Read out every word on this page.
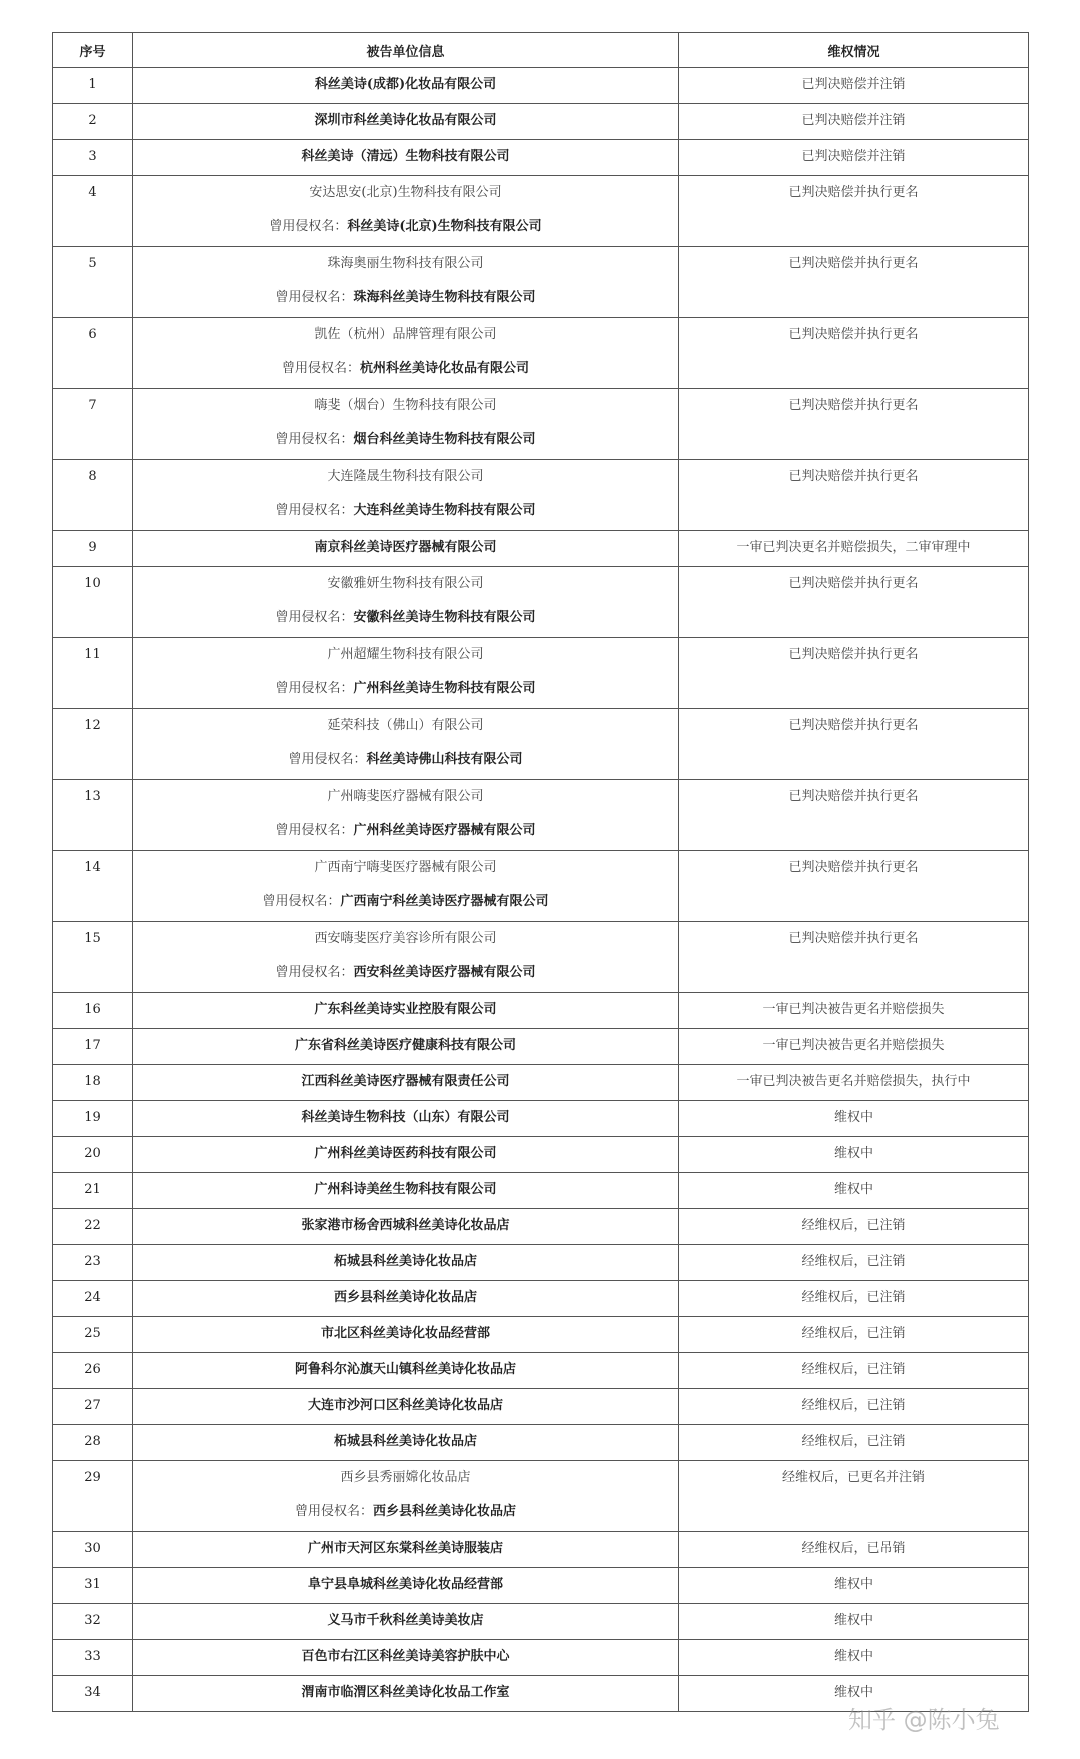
序号	被告单位信息	维权情况

1	科丝美诗(成都)化妆品有限公司	已判决赔偿并注销

2	深圳市科丝美诗化妆品有限公司	已判决赔偿并注销

3	科丝美诗（清远）生物科技有限公司	已判决赔偿并注销

4	安达思安(北京)生物科技有限公司
曾用侵权名：科丝美诗(北京)生物科技有限公司	已判决赔偿并执行更名

5	珠海奥丽生物科技有限公司
曾用侵权名：珠海科丝美诗生物科技有限公司	已判决赔偿并执行更名

6	凯佐（杭州）品牌管理有限公司
曾用侵权名：杭州科丝美诗化妆品有限公司	已判决赔偿并执行更名

7	嗨斐（烟台）生物科技有限公司
曾用侵权名：烟台科丝美诗生物科技有限公司	已判决赔偿并执行更名

8	大连隆晟生物科技有限公司
曾用侵权名：大连科丝美诗生物科技有限公司	已判决赔偿并执行更名

9	南京科丝美诗医疗器械有限公司	一审已判决更名并赔偿损失，二审审理中

10	安徽雅妍生物科技有限公司
曾用侵权名：安徽科丝美诗生物科技有限公司	已判决赔偿并执行更名

11	广州超耀生物科技有限公司
曾用侵权名：广州科丝美诗生物科技有限公司	已判决赔偿并执行更名

12	延荣科技（佛山）有限公司
曾用侵权名：科丝美诗佛山科技有限公司	已判决赔偿并执行更名

13	广州嗨斐医疗器械有限公司
曾用侵权名：广州科丝美诗医疗器械有限公司	已判决赔偿并执行更名

14	广西南宁嗨斐医疗器械有限公司
曾用侵权名：广西南宁科丝美诗医疗器械有限公司	已判决赔偿并执行更名

15	西安嗨斐医疗美容诊所有限公司
曾用侵权名：西安科丝美诗医疗器械有限公司	已判决赔偿并执行更名

16	广东科丝美诗实业控股有限公司	一审已判决被告更名并赔偿损失

17	广东省科丝美诗医疗健康科技有限公司	一审已判决被告更名并赔偿损失

18	江西科丝美诗医疗器械有限责任公司	一审已判决被告更名并赔偿损失，执行中

19	科丝美诗生物科技（山东）有限公司	维权中

20	广州科丝美诗医药科技有限公司	维权中

21	广州科诗美丝生物科技有限公司	维权中

22	张家港市杨舍西城科丝美诗化妆品店	经维权后，已注销

23	柘城县科丝美诗化妆品店	经维权后，已注销

24	西乡县科丝美诗化妆品店	经维权后，已注销

25	市北区科丝美诗化妆品经营部	经维权后，已注销

26	阿鲁科尔沁旗天山镇科丝美诗化妆品店	经维权后，已注销

27	大连市沙河口区科丝美诗化妆品店	经维权后，已注销

28	柘城县科丝美诗化妆品店	经维权后，已注销

29	西乡县秀丽嫦化妆品店
曾用侵权名：西乡县科丝美诗化妆品店	经维权后，已更名并注销

30	广州市天河区东棠科丝美诗服装店	经维权后，已吊销

31	阜宁县阜城科丝美诗化妆品经营部	维权中

32	义马市千秋科丝美诗美妆店	维权中

33	百色市右江区科丝美诗美容护肤中心	维权中

34	渭南市临渭区科丝美诗化妆品工作室	维权中
知乎 @陈小兔
